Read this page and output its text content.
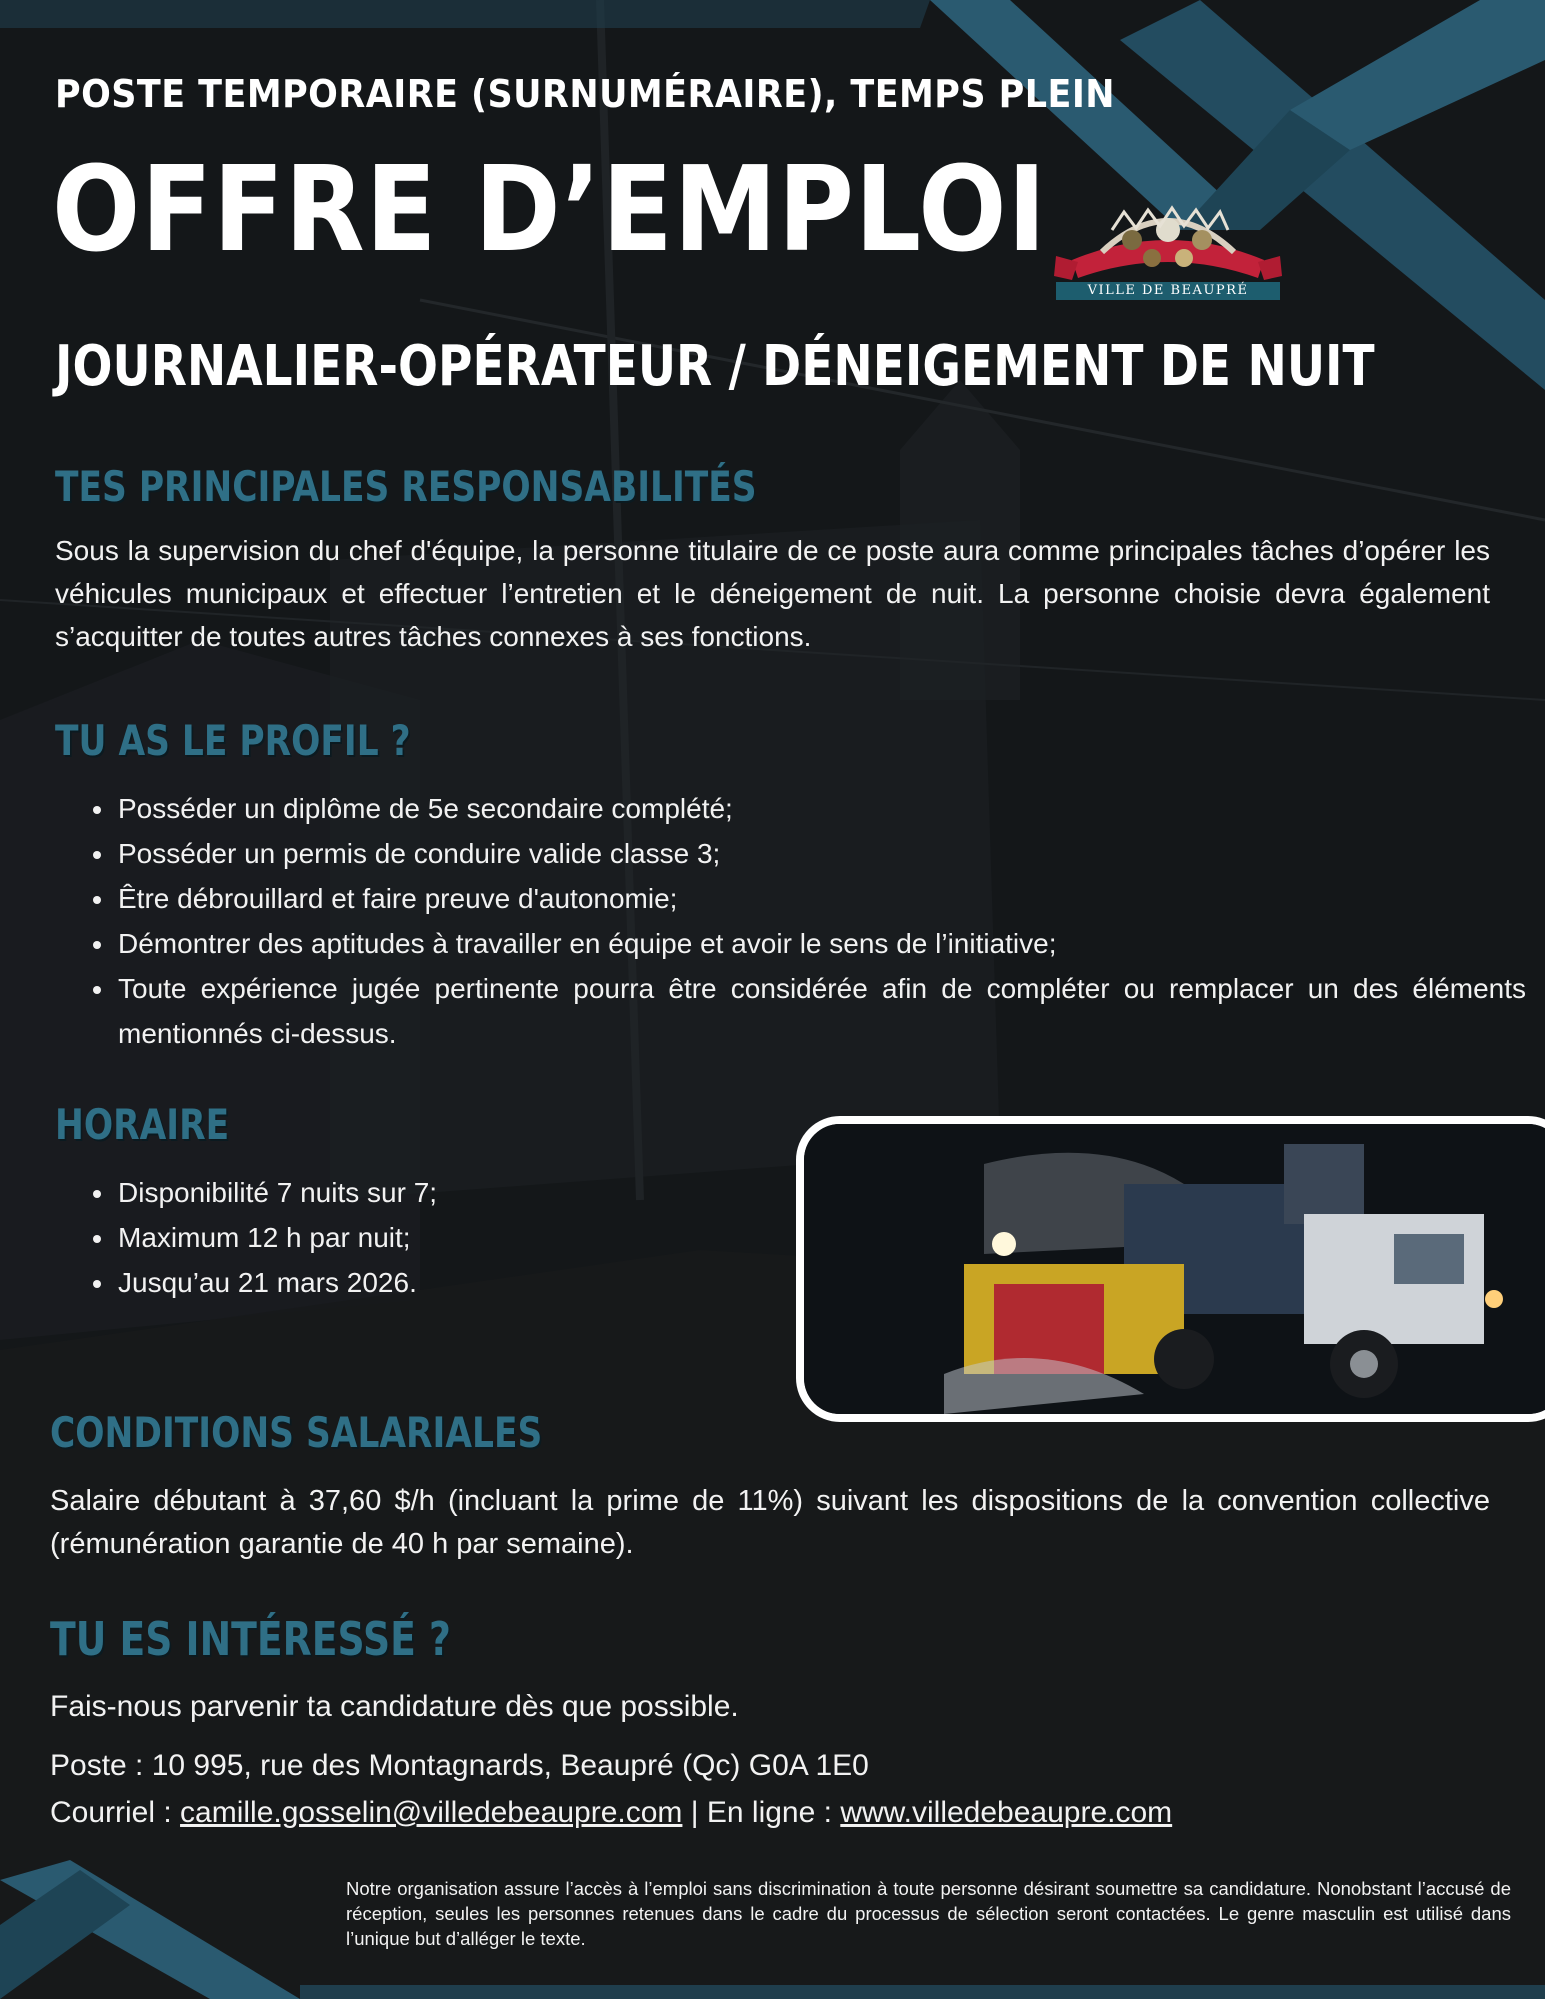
POSTE TEMPORAIRE (SURNUMÉRAIRE), TEMPS PLEIN
OFFRE D’EMPLOI
VILLE DE BEAUPRÉ
JOURNALIER-OPÉRATEUR / DÉNEIGEMENT DE NUIT
TES PRINCIPALES RESPONSABILITÉS
Sous la supervision du chef d'équipe, la personne titulaire de ce poste aura comme principales tâches d’opérer les véhicules municipaux et effectuer l’entretien et le déneigement de nuit. La personne choisie devra également s’acquitter de toutes autres tâches connexes à ses fonctions.
TU AS LE PROFIL ?
• Posséder un diplôme de 5e secondaire complété;
• Posséder un permis de conduire valide classe 3;
• Être débrouillard et faire preuve d'autonomie;
• Démontrer des aptitudes à travailler en équipe et avoir le sens de l’initiative;
• Toute expérience jugée pertinente pourra être considérée afin de compléter ou remplacer un des éléments mentionnés ci-dessus.
HORAIRE
• Disponibilité 7 nuits sur 7;
• Maximum 12 h par nuit;
• Jusqu’au 21 mars 2026.
CONDITIONS SALARIALES
Salaire débutant à 37,60 $/h (incluant la prime de 11%) suivant les dispositions de la convention collective (rémunération garantie de 40 h par semaine).
TU ES INTÉRESSÉ ?
Fais-nous parvenir ta candidature dès que possible.
Poste : 10 995, rue des Montagnards, Beaupré (Qc) G0A 1E0
Courriel : camille.gosselin@villedebeaupre.com | En ligne : www.villedebeaupre.com
Notre organisation assure l’accès à l’emploi sans discrimination à toute personne désirant soumettre sa candidature. Nonobstant l’accusé de réception, seules les personnes retenues dans le cadre du processus de sélection seront contactées. Le genre masculin est utilisé dans l’unique but d’alléger le texte.
